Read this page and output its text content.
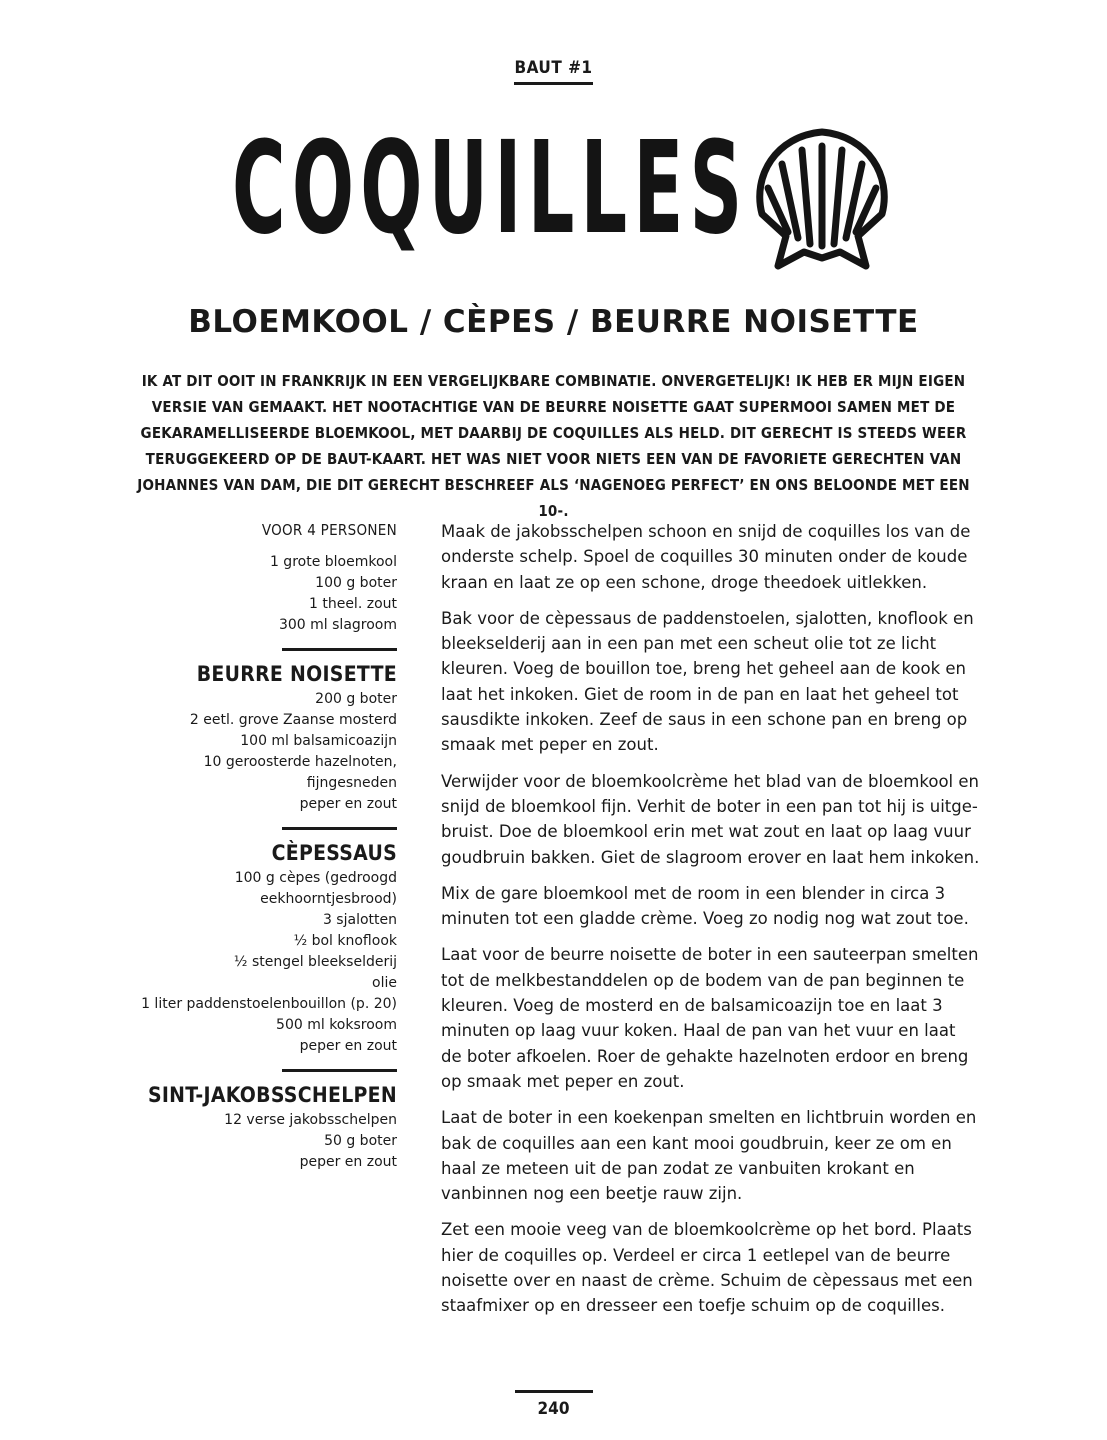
BAUT #1
COQUILLES
BLOEMKOOL / CÈPES / BEURRE NOISETTE
IK AT DIT OOIT IN FRANKRIJK IN EEN VERGELIJKBARE COMBINATIE. ONVERGETELIJK! IK HEB ER MIJN EIGEN VERSIE VAN GEMAAKT. HET NOOTACHTIGE VAN DE BEURRE NOISETTE GAAT SUPERMOOI SAMEN MET DE GEKARAMELLISEERDE BLOEMKOOL, MET DAARBIJ DE COQUILLES ALS HELD. DIT GERECHT IS STEEDS WEER TERUGGEKEERD OP DE BAUT-KAART. HET WAS NIET VOOR NIETS EEN VAN DE FAVORIETE GERECHTEN VAN JOHANNES VAN DAM, DIE DIT GERECHT BESCHREEF ALS ‘NAGENOEG PERFECT’ EN ONS BELOONDE MET EEN 10-.
VOOR 4 PERSONEN
1 grote bloemkool
100 g boter
1 theel. zout
300 ml slagroom
BEURRE NOISETTE
200 g boter
2 eetl. grove Zaanse mosterd
100 ml balsamicoazijn
10 geroosterde hazelnoten,
fijngesneden
peper en zout
CÈPESSAUS
100 g cèpes (gedroogd
eekhoorntjesbrood)
3 sjalotten
½ bol knoflook
½ stengel bleekselderij
olie
1 liter paddenstoelenbouillon (p. 20)
500 ml koksroom
peper en zout
SINT-JAKOBSSCHELPEN
12 verse jakobsschelpen
50 g boter
peper en zout

Maak de jakobsschelpen schoon en snijd de coquilles los van de onderste schelp. Spoel de coquilles 30 minuten onder de koude kraan en laat ze op een schone, droge theedoek uitlekken.

Bak voor de cèpessaus de paddenstoelen, sjalotten, knoflook en bleekselderij aan in een pan met een scheut olie tot ze licht kleuren. Voeg de bouillon toe, breng het geheel aan de kook en laat het inkoken. Giet de room in de pan en laat het geheel tot sausdikte inkoken. Zeef de saus in een schone pan en breng op smaak met peper en zout.

Verwijder voor de bloemkoolcrème het blad van de bloemkool en snijd de bloemkool fijn. Verhit de boter in een pan tot hij is uitgebruist. Doe de bloemkool erin met wat zout en laat op laag vuur goudbruin bakken. Giet de slagroom erover en laat hem inkoken.

Mix de gare bloemkool met de room in een blender in circa 3 minuten tot een gladde crème. Voeg zo nodig nog wat zout toe.

Laat voor de beurre noisette de boter in een sauteerpan smelten tot de melkbestanddelen op de bodem van de pan beginnen te kleuren. Voeg de mosterd en de balsamicoazijn toe en laat 3 minuten op laag vuur koken. Haal de pan van het vuur en laat de boter afkoelen. Roer de gehakte hazelnoten erdoor en breng op smaak met peper en zout.

Laat de boter in een koekenpan smelten en lichtbruin worden en bak de coquilles aan een kant mooi goudbruin, keer ze om en haal ze meteen uit de pan zodat ze vanbuiten krokant en vanbinnen nog een beetje rauw zijn.

Zet een mooie veeg van de bloemkoolcrème op het bord. Plaats hier de coquilles op. Verdeel er circa 1 eetlepel van de beurre noisette over en naast de crème. Schuim de cèpessaus met een staafmixer op en dresseer een toefje schuim op de coquilles.

240
